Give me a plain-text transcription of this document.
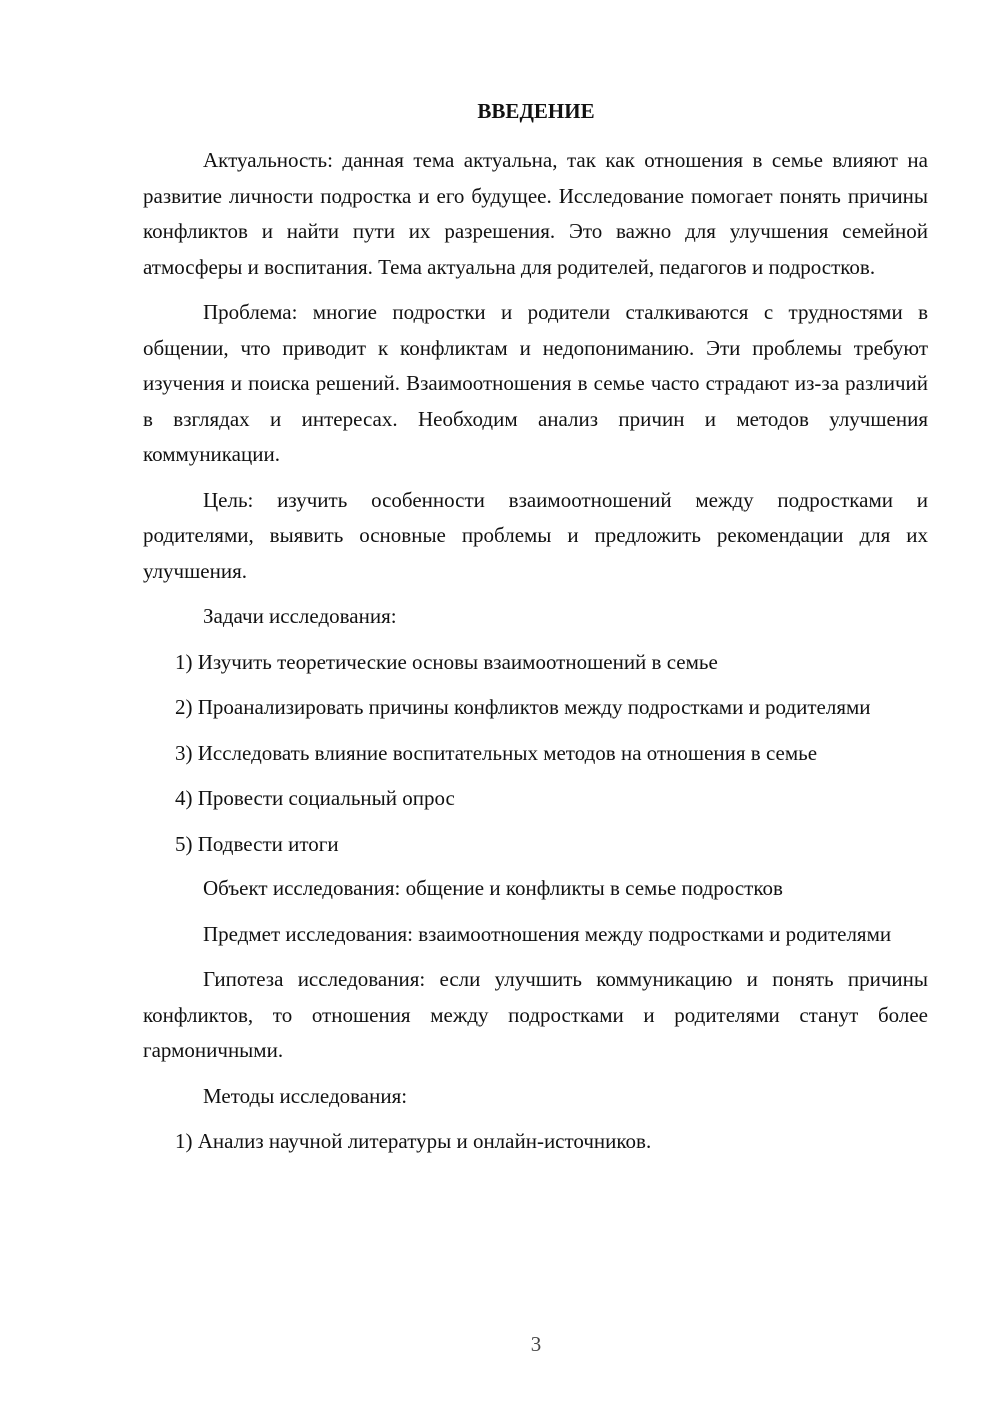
ВВЕДЕНИЕ

Актуальность: данная тема актуальна, так как отношения в семье влияют на развитие личности подростка и его будущее. Исследование помогает понять причины конфликтов и найти пути их разрешения. Это важно для улучшения семейной атмосферы и воспитания. Тема актуальна для родителей, педагогов и подростков.

Проблема: многие подростки и родители сталкиваются с трудностями в общении, что приводит к конфликтам и недопониманию. Эти проблемы требуют изучения и поиска решений. Взаимоотношения в семье часто страдают из-за различий в взглядах и интересах. Необходим анализ причин и методов улучшения коммуникации.

Цель: изучить особенности взаимоотношений между подростками и родителями, выявить основные проблемы и предложить рекомендации для их улучшения.

Задачи исследования:

1) Изучить теоретические основы взаимоотношений в семье

2) Проанализировать причины конфликтов между подростками и родителями

3) Исследовать влияние воспитательных методов на отношения в семье

4) Провести социальный опрос

5) Подвести итоги

Объект исследования: общение и конфликты в семье подростков

Предмет исследования: взаимоотношения между подростками и родителями

Гипотеза исследования: если улучшить коммуникацию и понять причины конфликтов, то отношения между подростками и родителями станут более гармоничными.

Методы исследования:

1) Анализ научной литературы и онлайн-источников.

3
